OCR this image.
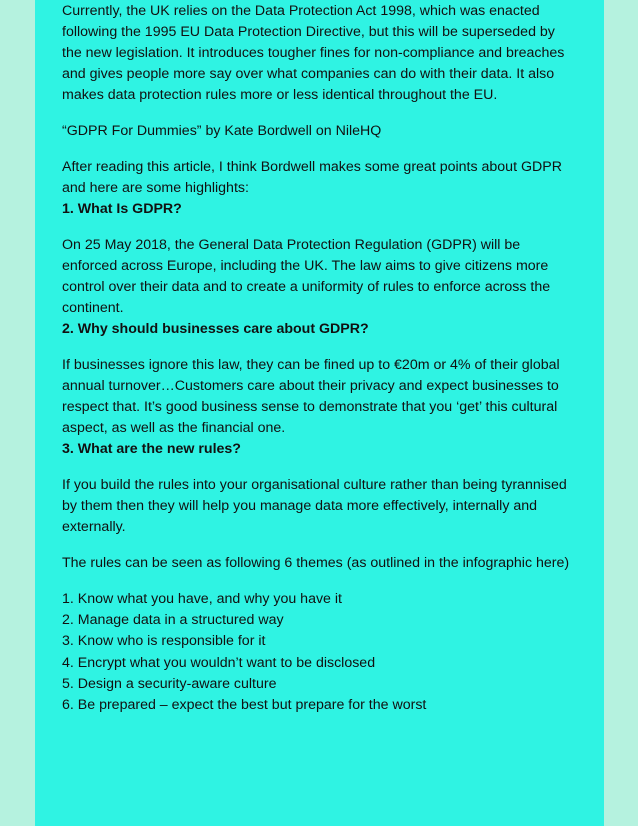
Currently, the UK relies on the Data Protection Act 1998, which was enacted following the 1995 EU Data Protection Directive, but this will be superseded by the new legislation. It introduces tougher fines for non-compliance and breaches and gives people more say over what companies can do with their data. It also makes data protection rules more or less identical throughout the EU.

“GDPR For Dummies” by Kate Bordwell on NileHQ

After reading this article, I think Bordwell makes some great points about GDPR and here are some highlights:

1. What Is GDPR?

On 25 May 2018, the General Data Protection Regulation (GDPR) will be enforced across Europe, including the UK. The law aims to give citizens more control over their data and to create a uniformity of rules to enforce across the continent.

2. Why should businesses care about GDPR?

If businesses ignore this law, they can be fined up to €20m or 4% of their global annual turnover…Customers care about their privacy and expect businesses to respect that. It’s good business sense to demonstrate that you ‘get’ this cultural aspect, as well as the financial one.

3. What are the new rules?

If you build the rules into your organisational culture rather than being tyrannised by them then they will help you manage data more effectively, internally and externally.

The rules can be seen as following 6 themes (as outlined in the infographic here)

1. Know what you have, and why you have it
2. Manage data in a structured way
3. Know who is responsible for it
4. Encrypt what you wouldn’t want to be disclosed
5. Design a security-aware culture
6. Be prepared – expect the best but prepare for the worst
